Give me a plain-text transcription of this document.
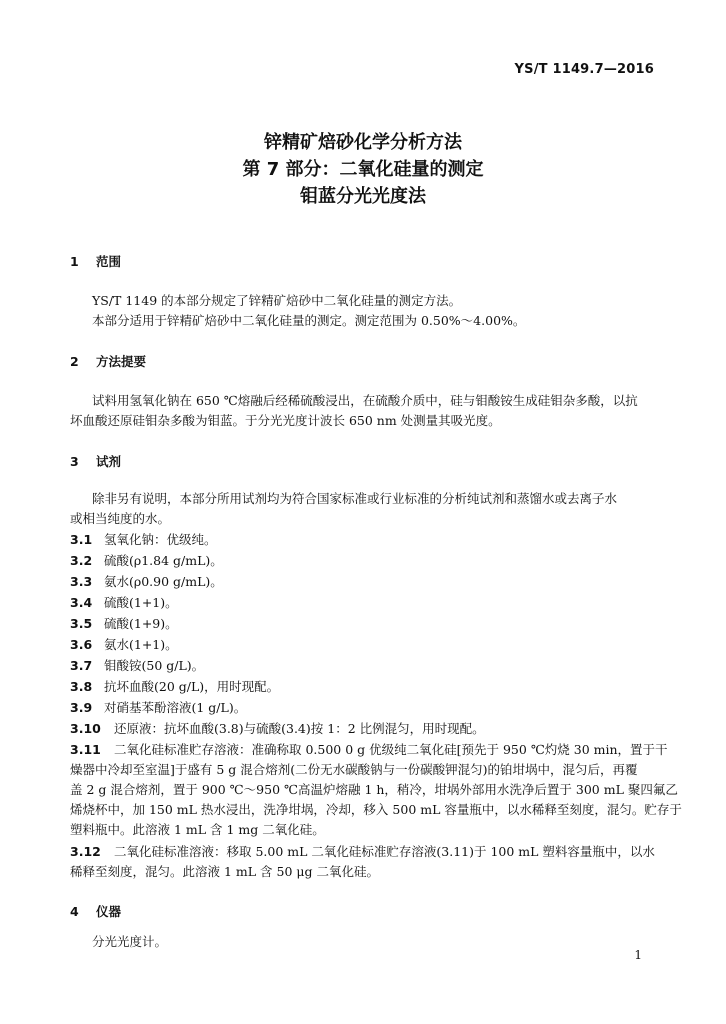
YS/T 1149.7—2016
锌精矿焙砂化学分析方法
第 7 部分：二氧化硅量的测定
钼蓝分光光度法
1 范围
YS/T 1149 的本部分规定了锌精矿焙砂中二氧化硅量的测定方法。
本部分适用于锌精矿焙砂中二氧化硅量的测定。测定范围为 0.50%～4.00%。
2 方法提要
试料用氢氧化钠在 650 ℃熔融后经稀硫酸浸出，在硫酸介质中，硅与钼酸铵生成硅钼杂多酸，以抗
坏血酸还原硅钼杂多酸为钼蓝。于分光光度计波长 650 nm 处测量其吸光度。
3 试剂
除非另有说明，本部分所用试剂均为符合国家标准或行业标准的分析纯试剂和蒸馏水或去离子水
或相当纯度的水。
3.1 氢氧化钠：优级纯。
3.2 硫酸(ρ1.84 g/mL)。
3.3 氨水(ρ0.90 g/mL)。
3.4 硫酸(1+1)。
3.5 硫酸(1+9)。
3.6 氨水(1+1)。
3.7 钼酸铵(50 g/L)。
3.8 抗坏血酸(20 g/L)，用时现配。
3.9 对硝基苯酚溶液(1 g/L)。
3.10 还原液：抗坏血酸(3.8)与硫酸(3.4)按 1：2 比例混匀，用时现配。
3.11 二氧化硅标准贮存溶液：准确称取 0.500 0 g 优级纯二氧化硅[预先于 950 ℃灼烧 30 min，置于干
燥器中冷却至室温]于盛有 5 g 混合熔剂(二份无水碳酸钠与一份碳酸钾混匀)的铂坩埚中，混匀后，再覆
盖 2 g 混合熔剂，置于 900 ℃～950 ℃高温炉熔融 1 h，稍冷，坩埚外部用水洗净后置于 300 mL 聚四氟乙
烯烧杯中，加 150 mL 热水浸出，洗净坩埚，冷却，移入 500 mL 容量瓶中，以水稀释至刻度，混匀。贮存于
塑料瓶中。此溶液 1 mL 含 1 mg 二氧化硅。
3.12 二氧化硅标准溶液：移取 5.00 mL 二氧化硅标准贮存溶液(3.11)于 100 mL 塑料容量瓶中，以水
稀释至刻度，混匀。此溶液 1 mL 含 50 μg 二氧化硅。
4 仪器
分光光度计。
1
